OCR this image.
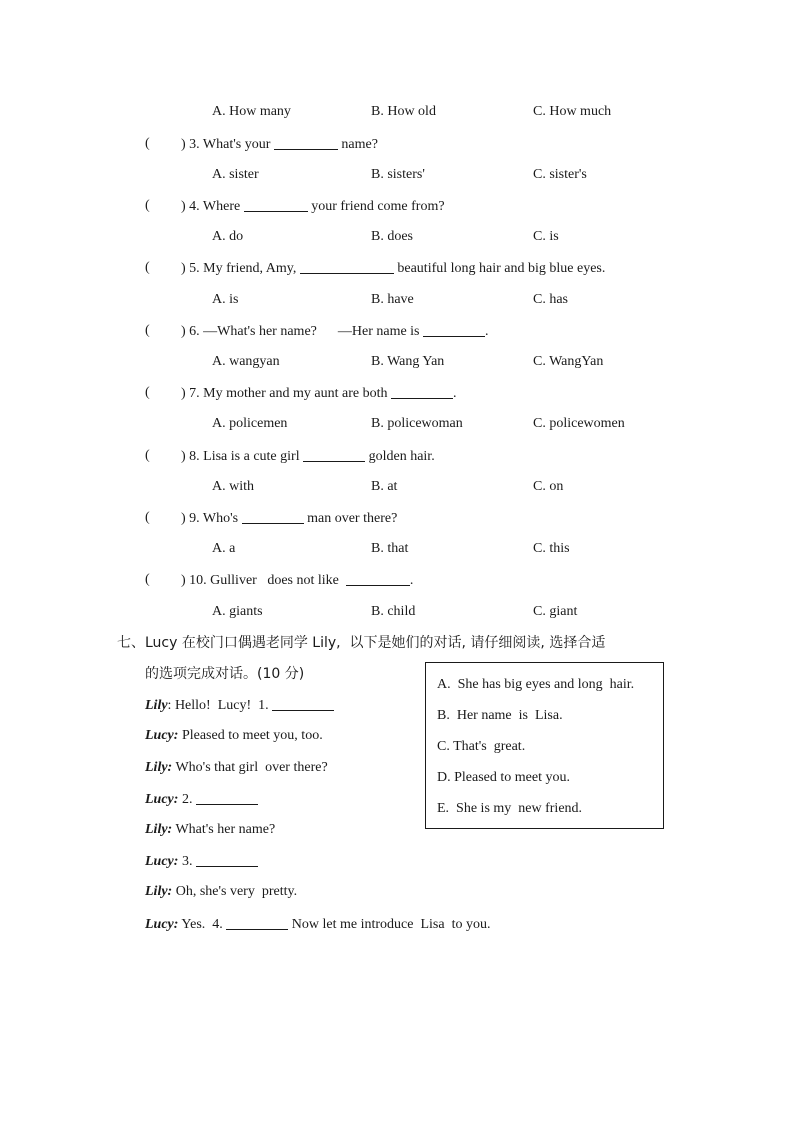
A. How many	B. How old	C. How much
( ) 3. What's your	name?
A. sister	B. sisters'	C. sister's
( ) 4. Where	your friend come from?
A. do	B. does	C. is
( ) 5. My friend, Amy,	beautiful long hair and big blue eyes.
A. is	B. have	C. has
( ) 6. —What's her name?      —Her name is	.
A. wangyan	B. Wang Yan	C. WangYan
( ) 7. My mother and my aunt are both	.
A. policemen	B. policewoman	C. policewomen
( ) 8. Lisa is a cute girl	golden hair.
A. with	B. at	C. on
( ) 9. Who's	man over there?
A. a	B. that	C. this
( ) 10. Gulliver   does not like	.
A. giants	B. child	C. giant
七、Lucy 在校门口偶遇老同学 Lily,  以下是她们的对话, 请仔细阅读, 选择合适
的选项完成对话。(10 分)
Lily: Hello!  Lucy!  1.
Lucy: Pleased to meet you, too.
Lily: Who's that girl  over there?
Lucy: 2.
Lily: What's her name?
Lucy: 3.
Lily: Oh, she's very  pretty.
Lucy: Yes.  4.	Now let me introduce  Lisa  to you.
A.  She has big eyes and long  hair.
B.  Her name  is  Lisa.
C. That's  great.
D. Pleased to meet you.
E.  She is my  new friend.
